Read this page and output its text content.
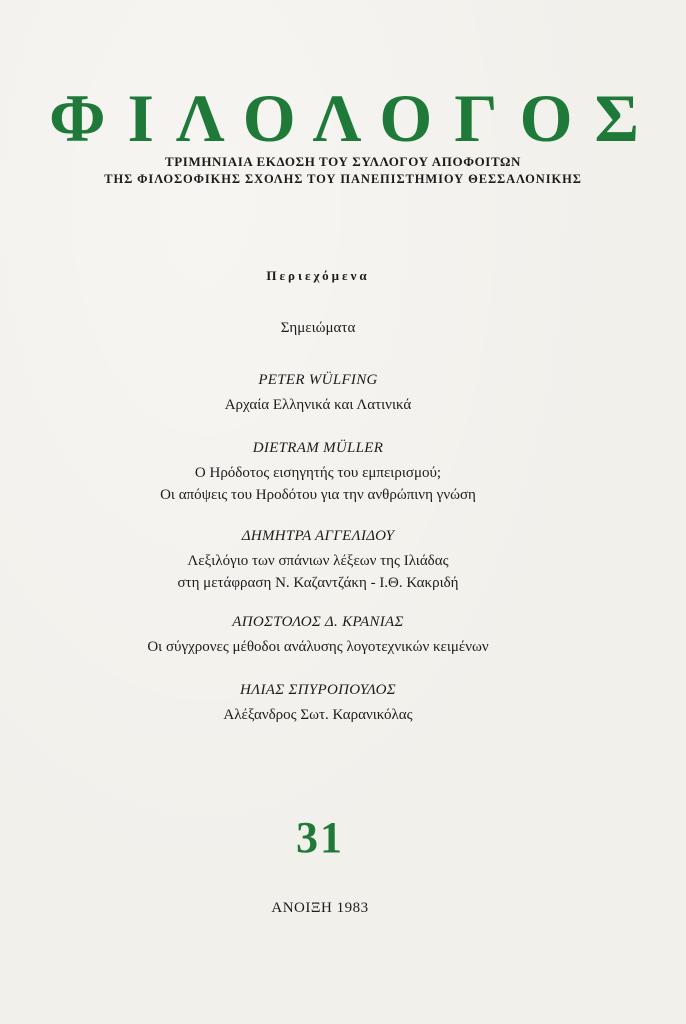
ΦΙΛΟΛΟΓΟΣ
ΤΡΙΜΗΝΙΑΙΑ ΕΚΔΟΣΗ ΤΟΥ ΣΥΛΛΟΓΟΥ ΑΠΟΦΟΙΤΩΝ
ΤΗΣ ΦΙΛΟΣΟΦΙΚΗΣ ΣΧΟΛΗΣ ΤΟΥ ΠΑΝΕΠΙΣΤΗΜΙΟΥ ΘΕΣΣΑΛΟΝΙΚΗΣ
Περιεχόμενα
Σημειώματα
PETER WÜLFING
Αρχαία Ελληνικά και Λατινικά
DIETRAM MÜLLER
Ο Ηρόδοτος εισηγητής του εμπειρισμού;
Οι απόψεις του Ηροδότου για την ανθρώπινη γνώση
ΔΗΜΗΤΡΑ ΑΓΓΕΛΙΔΟΥ
Λεξιλόγιο των σπάνιων λέξεων της Ιλιάδας
στη μετάφραση Ν. Καζαντζάκη - Ι.Θ. Κακριδή
ΑΠΟΣΤΟΛΟΣ Δ. ΚΡΑΝΙΑΣ
Οι σύγχρονες μέθοδοι ανάλυσης λογοτεχνικών κειμένων
ΗΛΙΑΣ ΣΠΥΡΟΠΟΥΛΟΣ
Αλέξανδρος Σωτ. Καρανικόλας
31
ΑΝΟΙΞΗ 1983
